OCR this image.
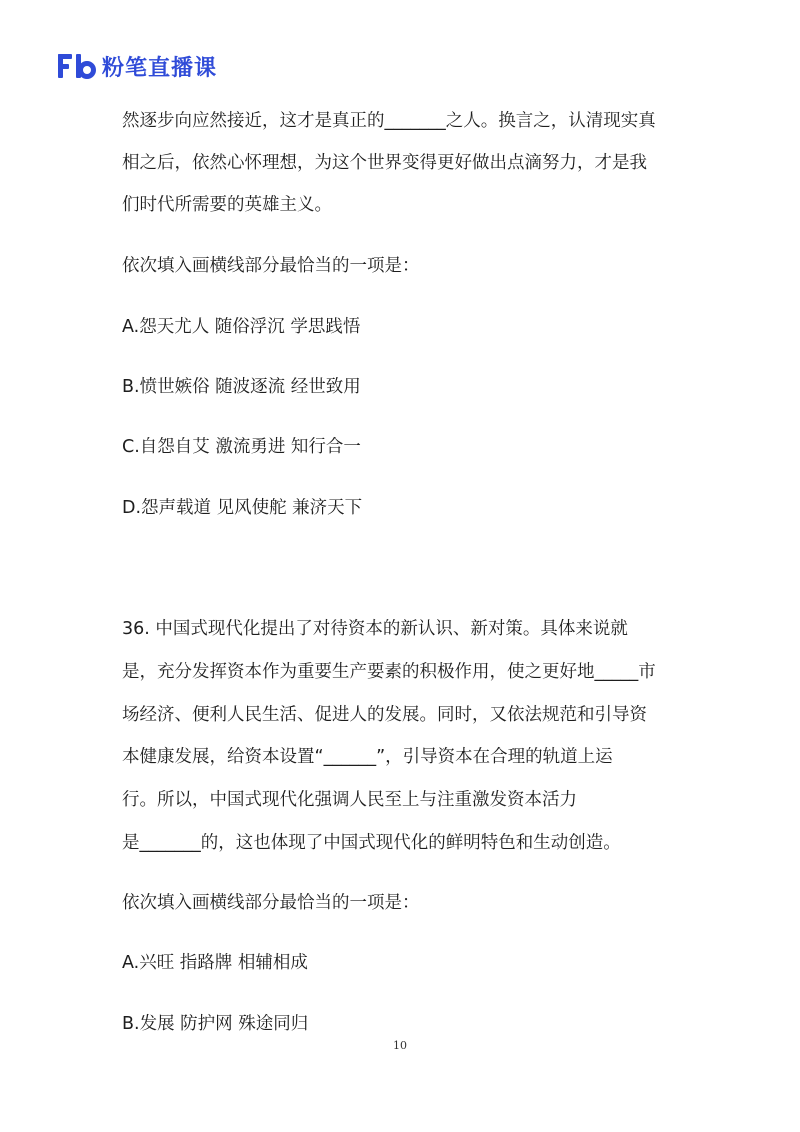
粉笔直播课
然逐步向应然接近，这才是真正的_______之人。换言之，认清现实真
相之后，依然心怀理想，为这个世界变得更好做出点滴努力，才是我
们时代所需要的英雄主义。
依次填入画横线部分最恰当的一项是：
A.怨天尤人 随俗浮沉 学思践悟
B.愤世嫉俗 随波逐流 经世致用
C.自怨自艾 激流勇进 知行合一
D.怨声载道 见风使舵 兼济天下
36. 中国式现代化提出了对待资本的新认识、新对策。具体来说就
是，充分发挥资本作为重要生产要素的积极作用，使之更好地_____市
场经济、便利人民生活、促进人的发展。同时，又依法规范和引导资
本健康发展，给资本设置“______”，引导资本在合理的轨道上运
行。所以，中国式现代化强调人民至上与注重激发资本活力
是_______的，这也体现了中国式现代化的鲜明特色和生动创造。
依次填入画横线部分最恰当的一项是：
A.兴旺 指路牌 相辅相成
B.发展 防护网 殊途同归
10
